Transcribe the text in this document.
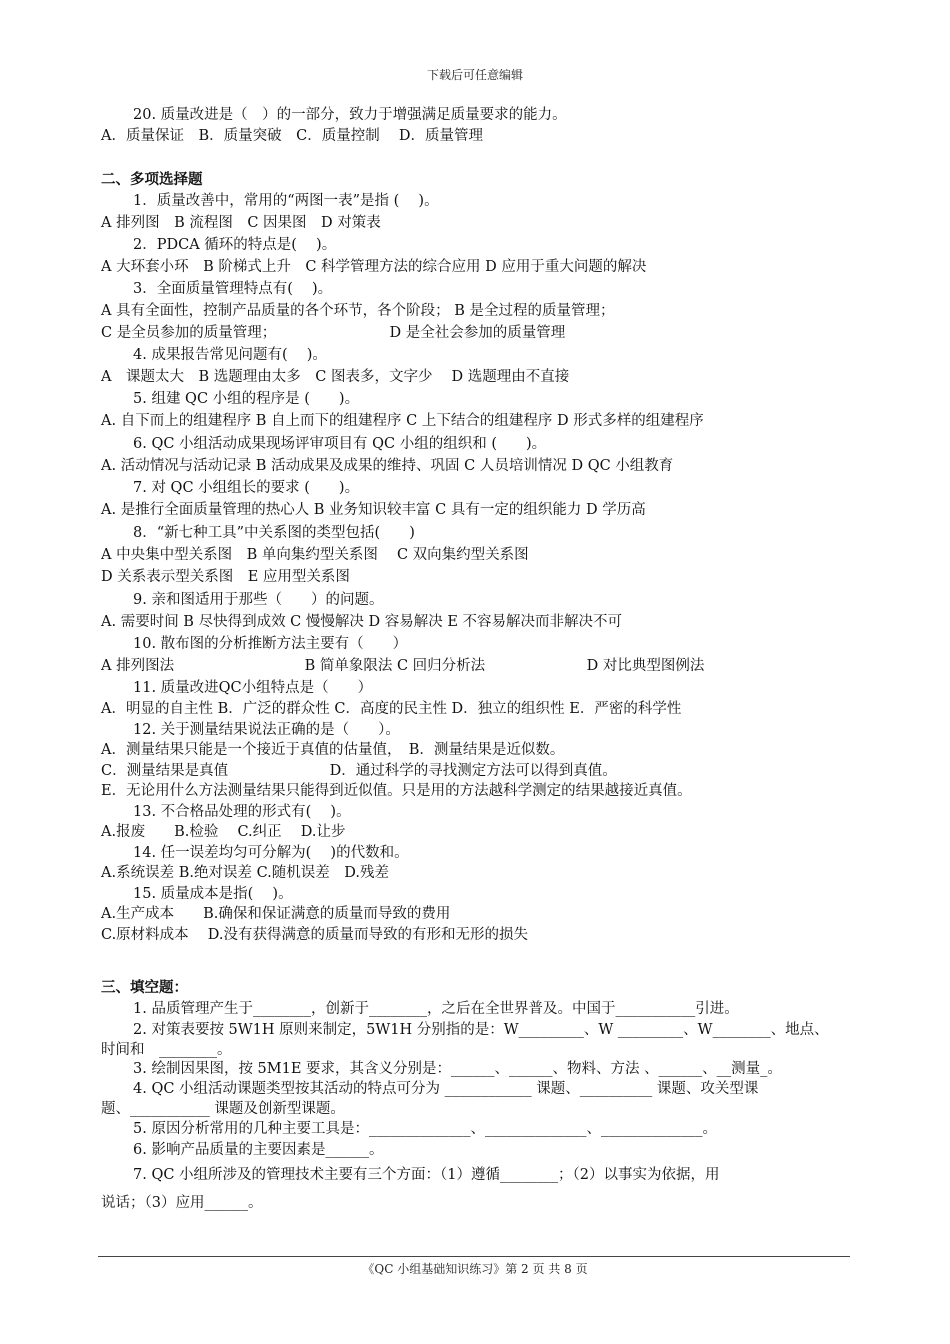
下载后可任意编辑
20. 质量改进是（　）的一部分，致力于增强满足质量要求的能力。
A．质量保证　B．质量突破　C．质量控制　 D．质量管理
二、多项选择题
1．质量改善中，常用的“两图一表”是指 (　 )。
A 排列图　B 流程图　C 因果图　D 对策表
2．PDCA 循环的特点是(　 )。
A 大环套小环　B 阶梯式上升　C 科学管理方法的综合应用 D 应用于重大问题的解决
3．全面质量管理特点有(　 )。
A 具有全面性，控制产品质量的各个环节，各个阶段； B 是全过程的质量管理；
C 是全员参加的质量管理；　　　　　　　　 D 是全社会参加的质量管理
4. 成果报告常见问题有(　 )。
A　课题太大　B 选题理由太多　C 图表多，文字少　 D 选题理由不直接
5. 组建 QC 小组的程序是 (　　)。
A. 自下而上的组建程序 B 自上而下的组建程序 C 上下结合的组建程序 D 形式多样的组建程序
6. QC 小组活动成果现场评审项目有 QC 小组的组织和 (　　)。
A. 活动情况与活动记录 B 活动成果及成果的维持、巩固 C 人员培训情况 D QC 小组教育
7. 对 QC 小组组长的要求 (　　)。
A. 是推行全面质量管理的热心人 B 业务知识较丰富 C 具有一定的组织能力 D 学历高
8．“新七种工具”中关系图的类型包括(　　)
A 中央集中型关系图　B 单向集约型关系图　 C 双向集约型关系图
D 关系表示型关系图　E 应用型关系图
9. 亲和图适用于那些（　　）的问题。
A. 需要时间 B 尽快得到成效 C 慢慢解决 D 容易解决 E 不容易解决而非解决不可
10. 散布图的分析推断方法主要有（　　）
A 排列图法　　　　　　　　　B 简单象限法 C 回归分析法　　　　　　　D 对比典型图例法
11. 质量改进QC小组特点是（　　）
A．明显的自主性 B．广泛的群众性 C．高度的民主性 D．独立的组织性 E．严密的科学性
12. 关于测量结果说法正确的是（　　）。
A．测量结果只能是一个接近于真值的估量值，　B．测量结果是近似数。
C．测量结果是真值　　　　　　　D．通过科学的寻找测定方法可以得到真值。
E．无论用什么方法测量结果只能得到近似值。只是用的方法越科学测定的结果越接近真值。
13. 不合格品处理的形式有(　 )。
A.报废　　B.检验　 C.纠正　 D.让步
14. 任一误差均匀可分解为(　 )的代数和。
A.系统误差 B.绝对误差 C.随机误差　D.残差
15. 质量成本是指(　 )。
A.生产成本　　B.确保和保证满意的质量而导致的费用
C.原材料成本　 D.没有获得满意的质量而导致的有形和无形的损失
三、填空题：
1. 品质管理产生于________，创新于________，之后在全世界普及。中国于___________引进。
2. 对策表要按 5W1H 原则来制定，5W1H 分别指的是：W_________、W _________、W________、地点、
时间和　________。
3. 绘制因果图，按 5M1E 要求，其含义分别是：______、______、物料、方法 、______、__测量_。
4. QC 小组活动课题类型按其活动的特点可分为 ____________ 课题、__________ 课题、攻关型课
题、___________ 课题及创新型课题。
5. 原因分析常用的几种主要工具是：______________、______________、______________。
6. 影响产品质量的主要因素是______。
7. QC 小组所涉及的管理技术主要有三个方面：（1）遵循________；（2）以事实为依据，用
说话；（3）应用______。
《QC 小组基础知识练习》第 2 页 共 8 页
